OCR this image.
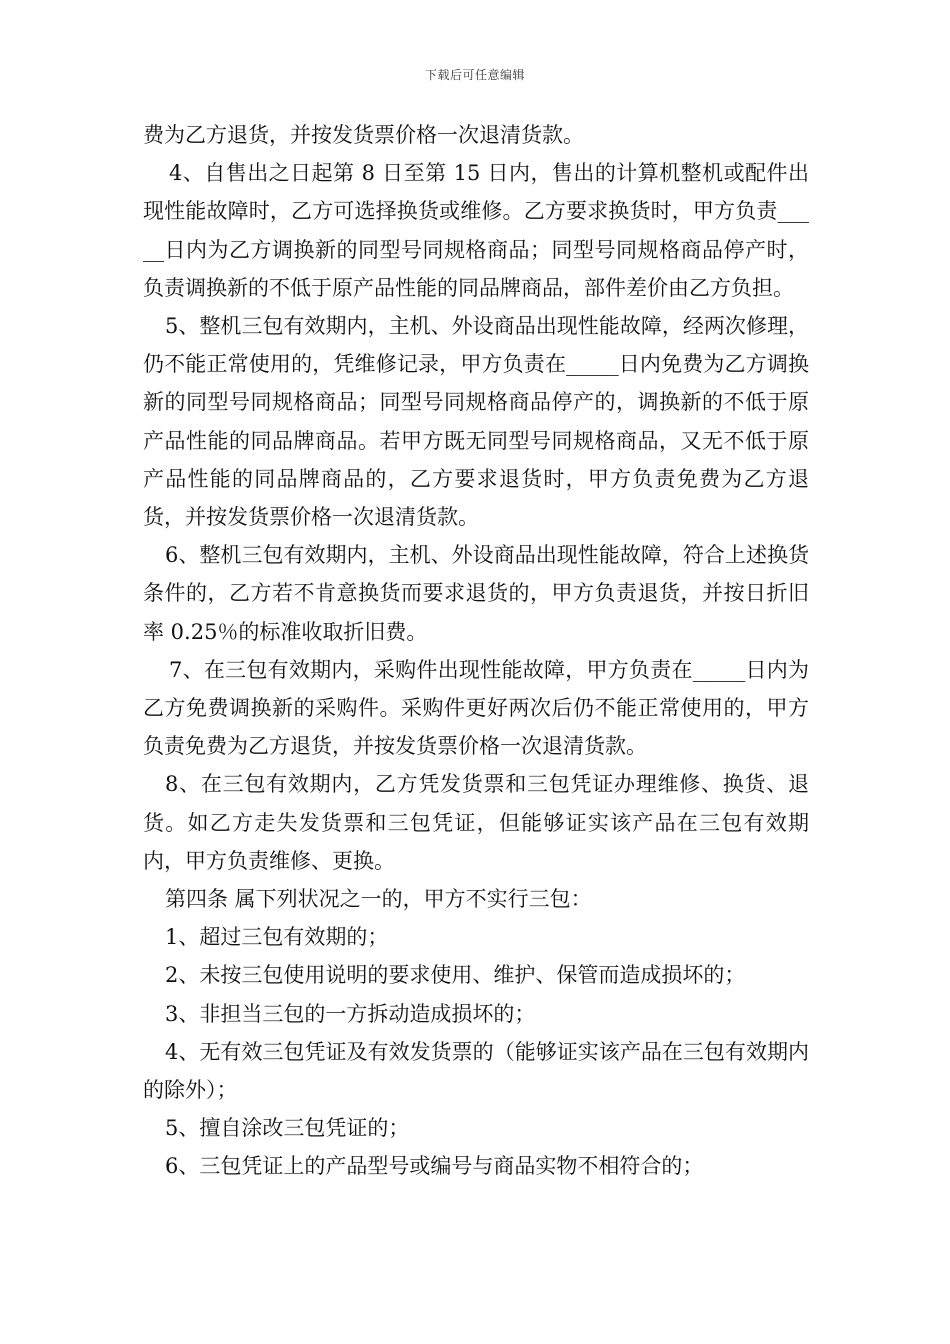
下载后可任意编辑

费为乙方退货，并按发货票价格一次退清货款。

4、自售出之日起第 8 日至第 15 日内，售出的计算机整机或配件出现性能故障时，乙方可选择换货或维修。乙方要求换货时，甲方负责_____日内为乙方调换新的同型号同规格商品；同型号同规格商品停产时，负责调换新的不低于原产品性能的同品牌商品，部件差价由乙方负担。

5、整机三包有效期内，主机、外设商品出现性能故障，经两次修理，仍不能正常使用的，凭维修记录，甲方负责在_____日内免费为乙方调换新的同型号同规格商品；同型号同规格商品停产的，调换新的不低于原产品性能的同品牌商品。若甲方既无同型号同规格商品，又无不低于原产品性能的同品牌商品的，乙方要求退货时，甲方负责免费为乙方退货，并按发货票价格一次退清货款。

6、整机三包有效期内，主机、外设商品出现性能故障，符合上述换货条件的，乙方若不肯意换货而要求退货的，甲方负责退货，并按日折旧率 0.25％的标准收取折旧费。

7、在三包有效期内，采购件出现性能故障，甲方负责在_____日内为乙方免费调换新的采购件。采购件更好两次后仍不能正常使用的，甲方负责免费为乙方退货，并按发货票价格一次退清货款。

8、在三包有效期内，乙方凭发货票和三包凭证办理维修、换货、退货。如乙方走失发货票和三包凭证，但能够证实该产品在三包有效期内，甲方负责维修、更换。

第四条 属下列状况之一的，甲方不实行三包：

1、超过三包有效期的；

2、未按三包使用说明的要求使用、维护、保管而造成损坏的；

3、非担当三包的一方拆动造成损坏的；

4、无有效三包凭证及有效发货票的（能够证实该产品在三包有效期内的除外）；

5、擅自涂改三包凭证的；

6、三包凭证上的产品型号或编号与商品实物不相符合的；
